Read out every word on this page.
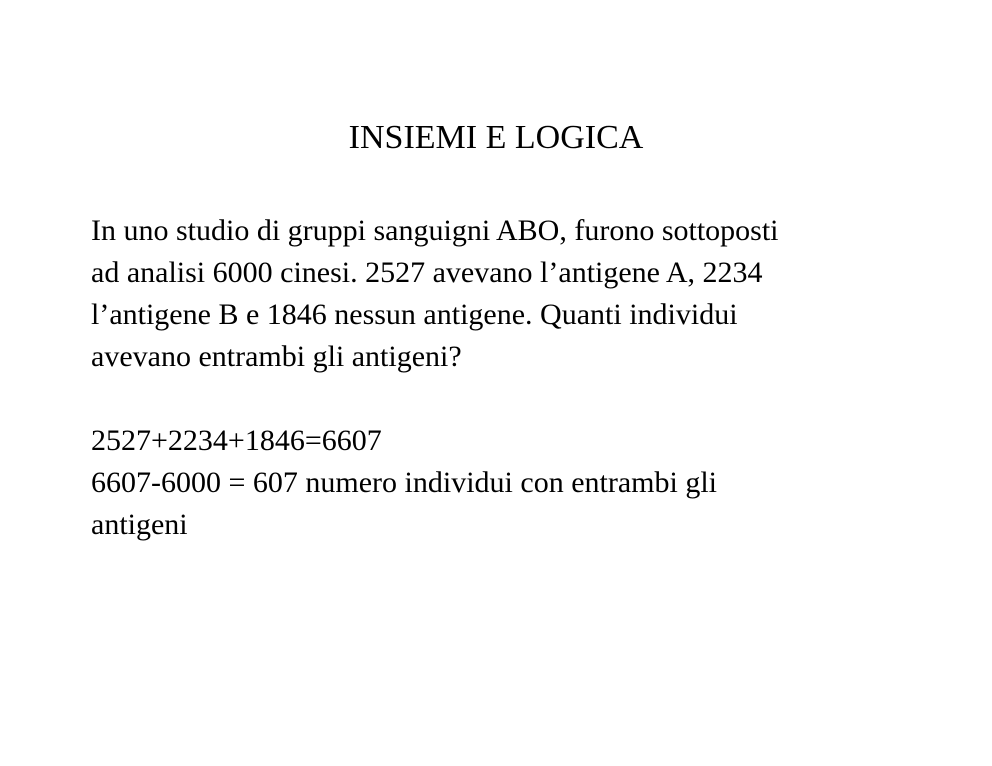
INSIEMI E LOGICA
In uno studio di gruppi sanguigni ABO, furono sottoposti
ad analisi 6000 cinesi. 2527 avevano l’antigene A, 2234
l’antigene B e 1846 nessun antigene. Quanti individui
avevano entrambi gli antigeni?
2527+2234+1846=6607
6607-6000 = 607 numero individui con entrambi gli
antigeni
